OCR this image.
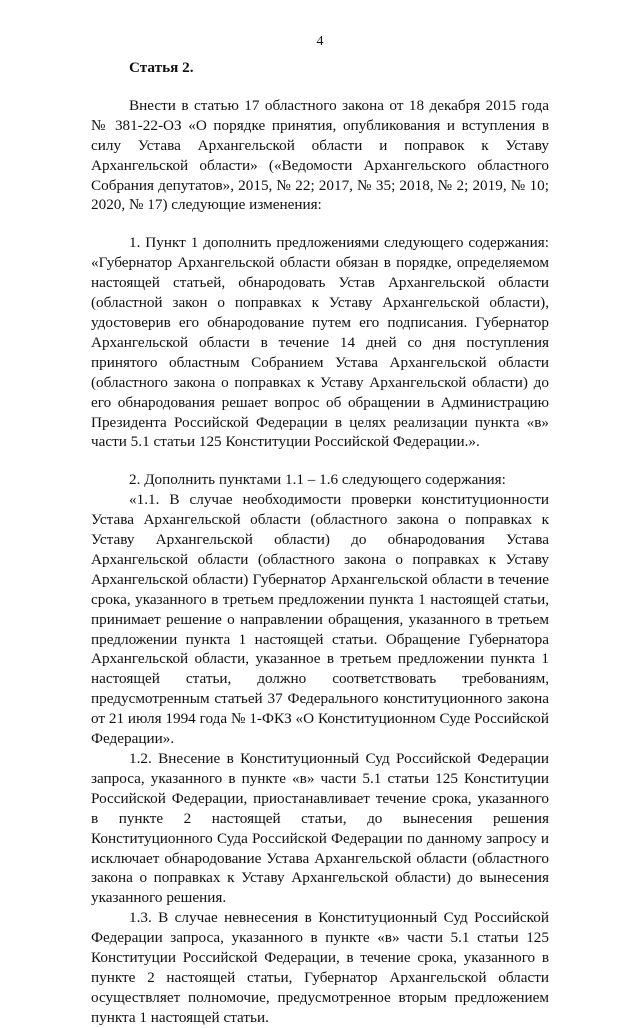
4
Статья 2.

Внести в статью 17 областного закона от 18 декабря 2015 года № 381-22-ОЗ «О порядке принятия, опубликования и вступления в силу Устава Архангельской области и поправок к Уставу Архангельской области» («Ведомости Архангельского областного Собрания депутатов», 2015, № 22; 2017, № 35; 2018, № 2; 2019, № 10; 2020, № 17) следующие изменения:

1. Пункт 1 дополнить предложениями следующего содержания: «Губернатор Архангельской области обязан в порядке, определяемом настоящей статьей, обнародовать Устав Архангельской области (областной закон о поправках к Уставу Архангельской области), удостоверив его обнародование путем его подписания. Губернатор Архангельской области в течение 14 дней со дня поступления принятого областным Собранием Устава Архангельской области (областного закона о поправках к Уставу Архангельской области) до его обнародования решает вопрос об обращении в Администрацию Президента Российской Федерации в целях реализации пункта «в» части 5.1 статьи 125 Конституции Российской Федерации.».

2. Дополнить пунктами 1.1 – 1.6 следующего содержания:

«1.1. В случае необходимости проверки конституционности Устава Архангельской области (областного закона о поправках к Уставу Архангельской области) до обнародования Устава Архангельской области (областного закона о поправках к Уставу Архангельской области) Губернатор Архангельской области в течение срока, указанного в третьем предложении пункта 1 настоящей статьи, принимает решение о направлении обращения, указанного в третьем предложении пункта 1 настоящей статьи. Обращение Губернатора Архангельской области, указанное в третьем предложении пункта 1 настоящей статьи, должно соответствовать требованиям, предусмотренным статьей 37 Федерального конституционного закона от 21 июля 1994 года № 1-ФКЗ «О Конституционном Суде Российской Федерации».

1.2. Внесение в Конституционный Суд Российской Федерации запроса, указанного в пункте «в» части 5.1 статьи 125 Конституции Российской Федерации, приостанавливает течение срока, указанного в пункте 2 настоящей статьи, до вынесения решения Конституционного Суда Российской Федерации по данному запросу и исключает обнародование Устава Архангельской области (областного закона о поправках к Уставу Архангельской области) до вынесения указанного решения.

1.3. В случае невнесения в Конституционный Суд Российской Федерации запроса, указанного в пункте «в» части 5.1 статьи 125 Конституции Российской Федерации, в течение срока, указанного в пункте 2 настоящей статьи, Губернатор Архангельской области осуществляет полномочие, предусмотренное вторым предложением пункта 1 настоящей статьи.
